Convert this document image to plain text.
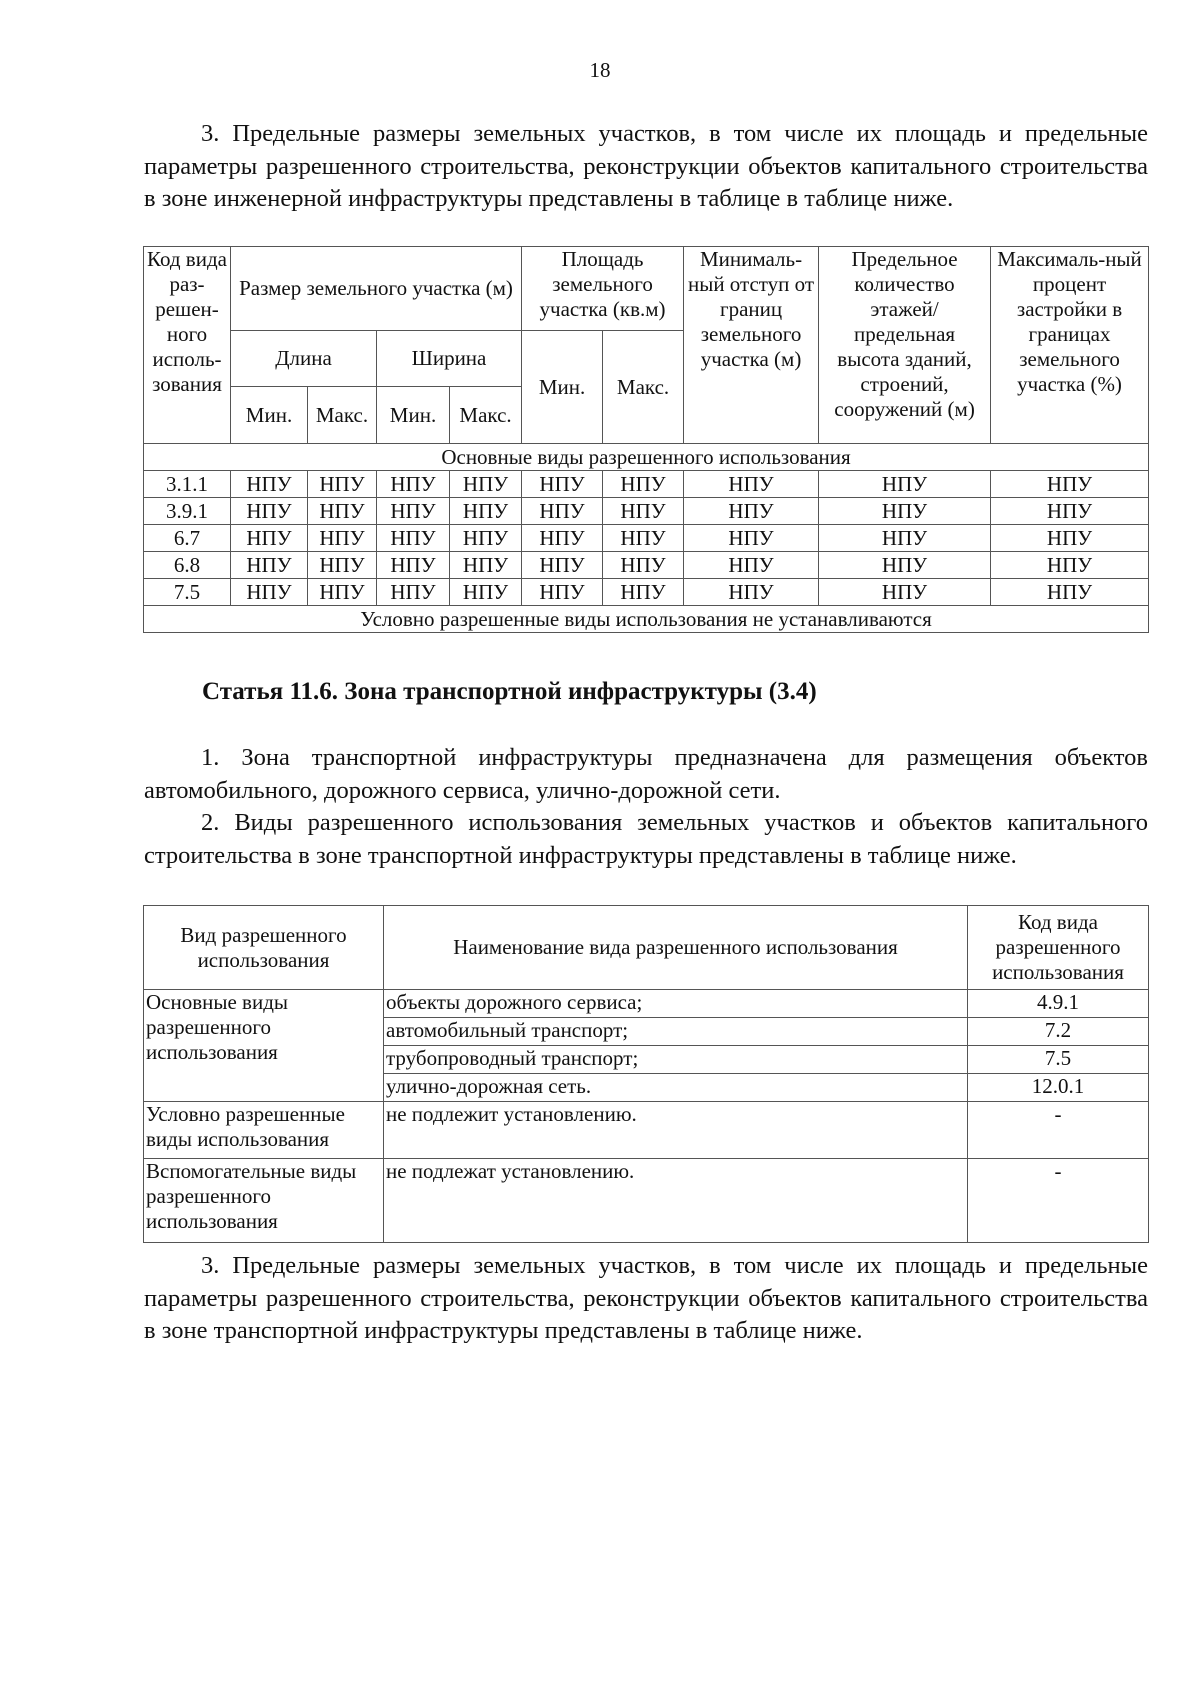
18

3. Предельные размеры земельных участков, в том числе их площадь и предельные параметры разрешенного строительства, реконструкции объектов капитального строительства в зоне инженерной инфраструктуры представлены в таблице в таблице ниже.

Код вида раз-решен-ного исполь-зования	Размер земельного участка (м)				Площадь земельного участка (кв.м)		Минималь-ный отступ от границ земельного участка (м)	Предельное количество этажей/ предельная высота зданий, строений, сооружений (м)	Максималь-ный процент застройки в границах земельного участка (%)
	Длина		Ширина		Мин.	Макс.			
	Мин.	Макс.	Мин.	Макс.					
Основные виды разрешенного использования									
3.1.1	НПУ	НПУ	НПУ	НПУ	НПУ	НПУ	НПУ	НПУ	НПУ
3.9.1	НПУ	НПУ	НПУ	НПУ	НПУ	НПУ	НПУ	НПУ	НПУ
6.7	НПУ	НПУ	НПУ	НПУ	НПУ	НПУ	НПУ	НПУ	НПУ
6.8	НПУ	НПУ	НПУ	НПУ	НПУ	НПУ	НПУ	НПУ	НПУ
7.5	НПУ	НПУ	НПУ	НПУ	НПУ	НПУ	НПУ	НПУ	НПУ
Условно разрешенные виды использования не устанавливаются									
Статья 11.6. Зона транспортной инфраструктуры (3.4)

1. Зона транспортной инфраструктуры предназначена для размещения объектов автомобильного, дорожного сервиса, улично-дорожной сети.

2. Виды разрешенного использования земельных участков и объектов капитального строительства в зоне транспортной инфраструктуры представлены в таблице ниже.

Вид разрешенного использования	Наименование вида разрешенного использования	Код вида разрешенного использования
Основные виды разрешенного использования	объекты дорожного сервиса;	4.9.1
	автомобильный транспорт;	7.2
	трубопроводный транспорт;	7.5
	улично-дорожная сеть.	12.0.1
Условно разрешенные виды использования	не подлежит установлению.	-
Вспомогательные виды разрешенного использования	не подлежат установлению.	-

3. Предельные размеры земельных участков, в том числе их площадь и предельные параметры разрешенного строительства, реконструкции объектов капитального строительства в зоне транспортной инфраструктуры представлены в таблице ниже.
